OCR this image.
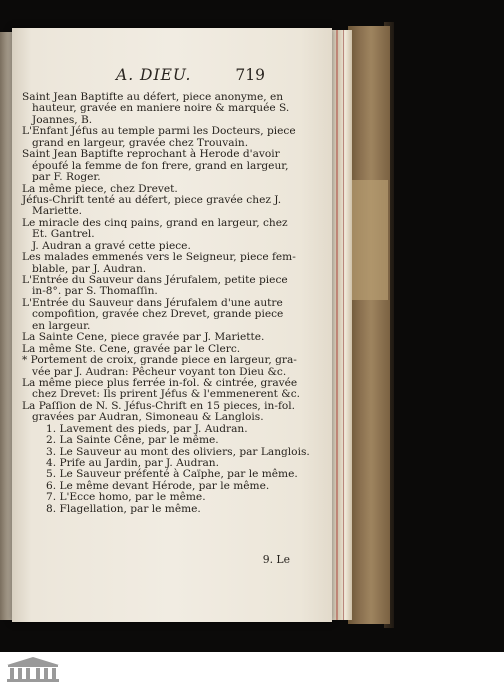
A. DIEU.	719
Saint Jean Baptifte au défert, piece anonyme, en
hauteur, gravée en maniere noire & marquée S.
Joannes, B.
L'Enfant Jéfus au temple parmi les Docteurs, piece
grand en largeur, gravée chez Trouvain.
Saint Jean Baptifte reprochant à Herode d'avoir
époufé la femme de fon frere, grand en largeur,
par F. Roger.
La même piece, chez Drevet.
Jéfus-Chrift tenté au défert, piece gravée chez J.
Mariette.
Le miracle des cinq pains, grand en largeur, chez
Et. Gantrel.
J. Audran a gravé cette piece.
Les malades emmenés vers le Seigneur, piece fem-
blable, par J. Audran.
L'Entrée du Sauveur dans Jérufalem, petite piece
in-8°. par S. Thomaſſin.
L'Entrée du Sauveur dans Jérufalem d'une autre
compofition, gravée chez Drevet, grande piece
en largeur.
La Sainte Cene, piece gravée par J. Mariette.
La même Ste. Cene, gravée par le Clerc.
* Portement de croix, grande piece en largeur, gra-
vée par J. Audran: Pêcheur voyant ton Dieu &c.
La même piece plus ferrée in-fol. & cintrée, gravée
chez Drevet: Ils prirent Jéfus & l'emmenerent &c.
La Paſſion de N. S. Jéfus-Chrift en 15 pieces, in-fol.
gravées par Audran, Simoneau & Langlois.
1. Lavement des pieds, par J. Audran.
2. La Sainte Cêne, par le même.
3. Le Sauveur au mont des oliviers, par Langlois.
4. Prife au Jardin, par J. Audran.
5. Le Sauveur préfenté à Caïphe, par le même.
6. Le même devant Hérode, par le même.
7. L'Ecce homo, par le même.
8. Flagellation, par le même.
9. Le
